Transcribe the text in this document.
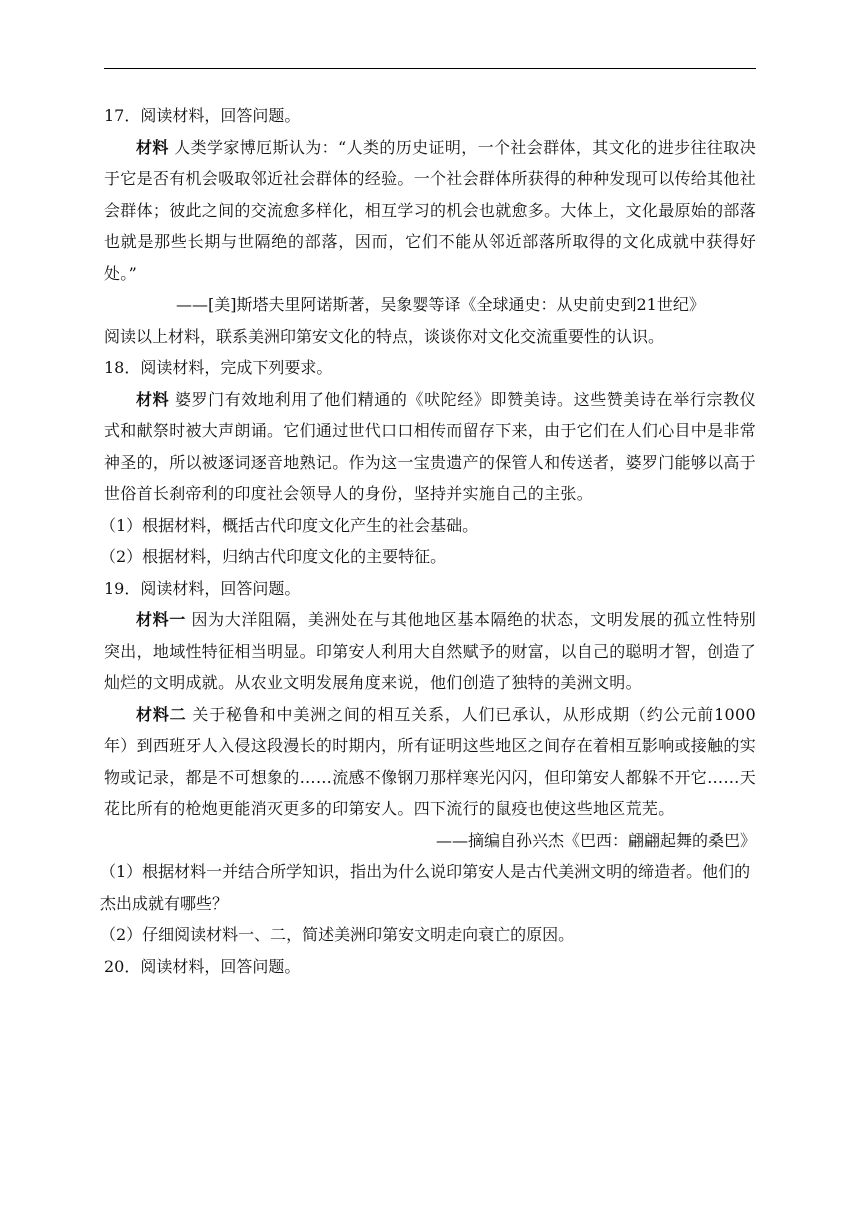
17．阅读材料，回答问题。

材料 人类学家博厄斯认为：“人类的历史证明，一个社会群体，其文化的进步往往取决于它是否有机会吸取邻近社会群体的经验。一个社会群体所获得的种种发现可以传给其他社会群体；彼此之间的交流愈多样化，相互学习的机会也就愈多。大体上，文化最原始的部落也就是那些长期与世隔绝的部落，因而，它们不能从邻近部落所取得的文化成就中获得好处。”

——[美]斯塔夫里阿诺斯著，吴象婴等译《全球通史：从史前史到21世纪》

阅读以上材料，联系美洲印第安文化的特点，谈谈你对文化交流重要性的认识。

18．阅读材料，完成下列要求。

材料 婆罗门有效地利用了他们精通的《吠陀经》即赞美诗。这些赞美诗在举行宗教仪式和献祭时被大声朗诵。它们通过世代口口相传而留存下来，由于它们在人们心目中是非常神圣的，所以被逐词逐音地熟记。作为这一宝贵遗产的保管人和传送者，婆罗门能够以高于世俗首长刹帝利的印度社会领导人的身份，坚持并实施自己的主张。

（1）根据材料，概括古代印度文化产生的社会基础。

（2）根据材料，归纳古代印度文化的主要特征。

19．阅读材料，回答问题。

材料一 因为大洋阻隔，美洲处在与其他地区基本隔绝的状态，文明发展的孤立性特别突出，地域性特征相当明显。印第安人利用大自然赋予的财富，以自己的聪明才智，创造了灿烂的文明成就。从农业文明发展角度来说，他们创造了独特的美洲文明。

材料二 关于秘鲁和中美洲之间的相互关系，人们已承认，从形成期（约公元前1000年）到西班牙人入侵这段漫长的时期内，所有证明这些地区之间存在着相互影响或接触的实物或记录，都是不可想象的……流感不像钢刀那样寒光闪闪，但印第安人都躲不开它……天花比所有的枪炮更能消灭更多的印第安人。四下流行的鼠疫也使这些地区荒芜。

——摘编自孙兴杰《巴西：翩翩起舞的桑巴》

（1）根据材料一并结合所学知识，指出为什么说印第安人是古代美洲文明的缔造者。他们的杰出成就有哪些？

（2）仔细阅读材料一、二，简述美洲印第安文明走向衰亡的原因。

20．阅读材料，回答问题。
